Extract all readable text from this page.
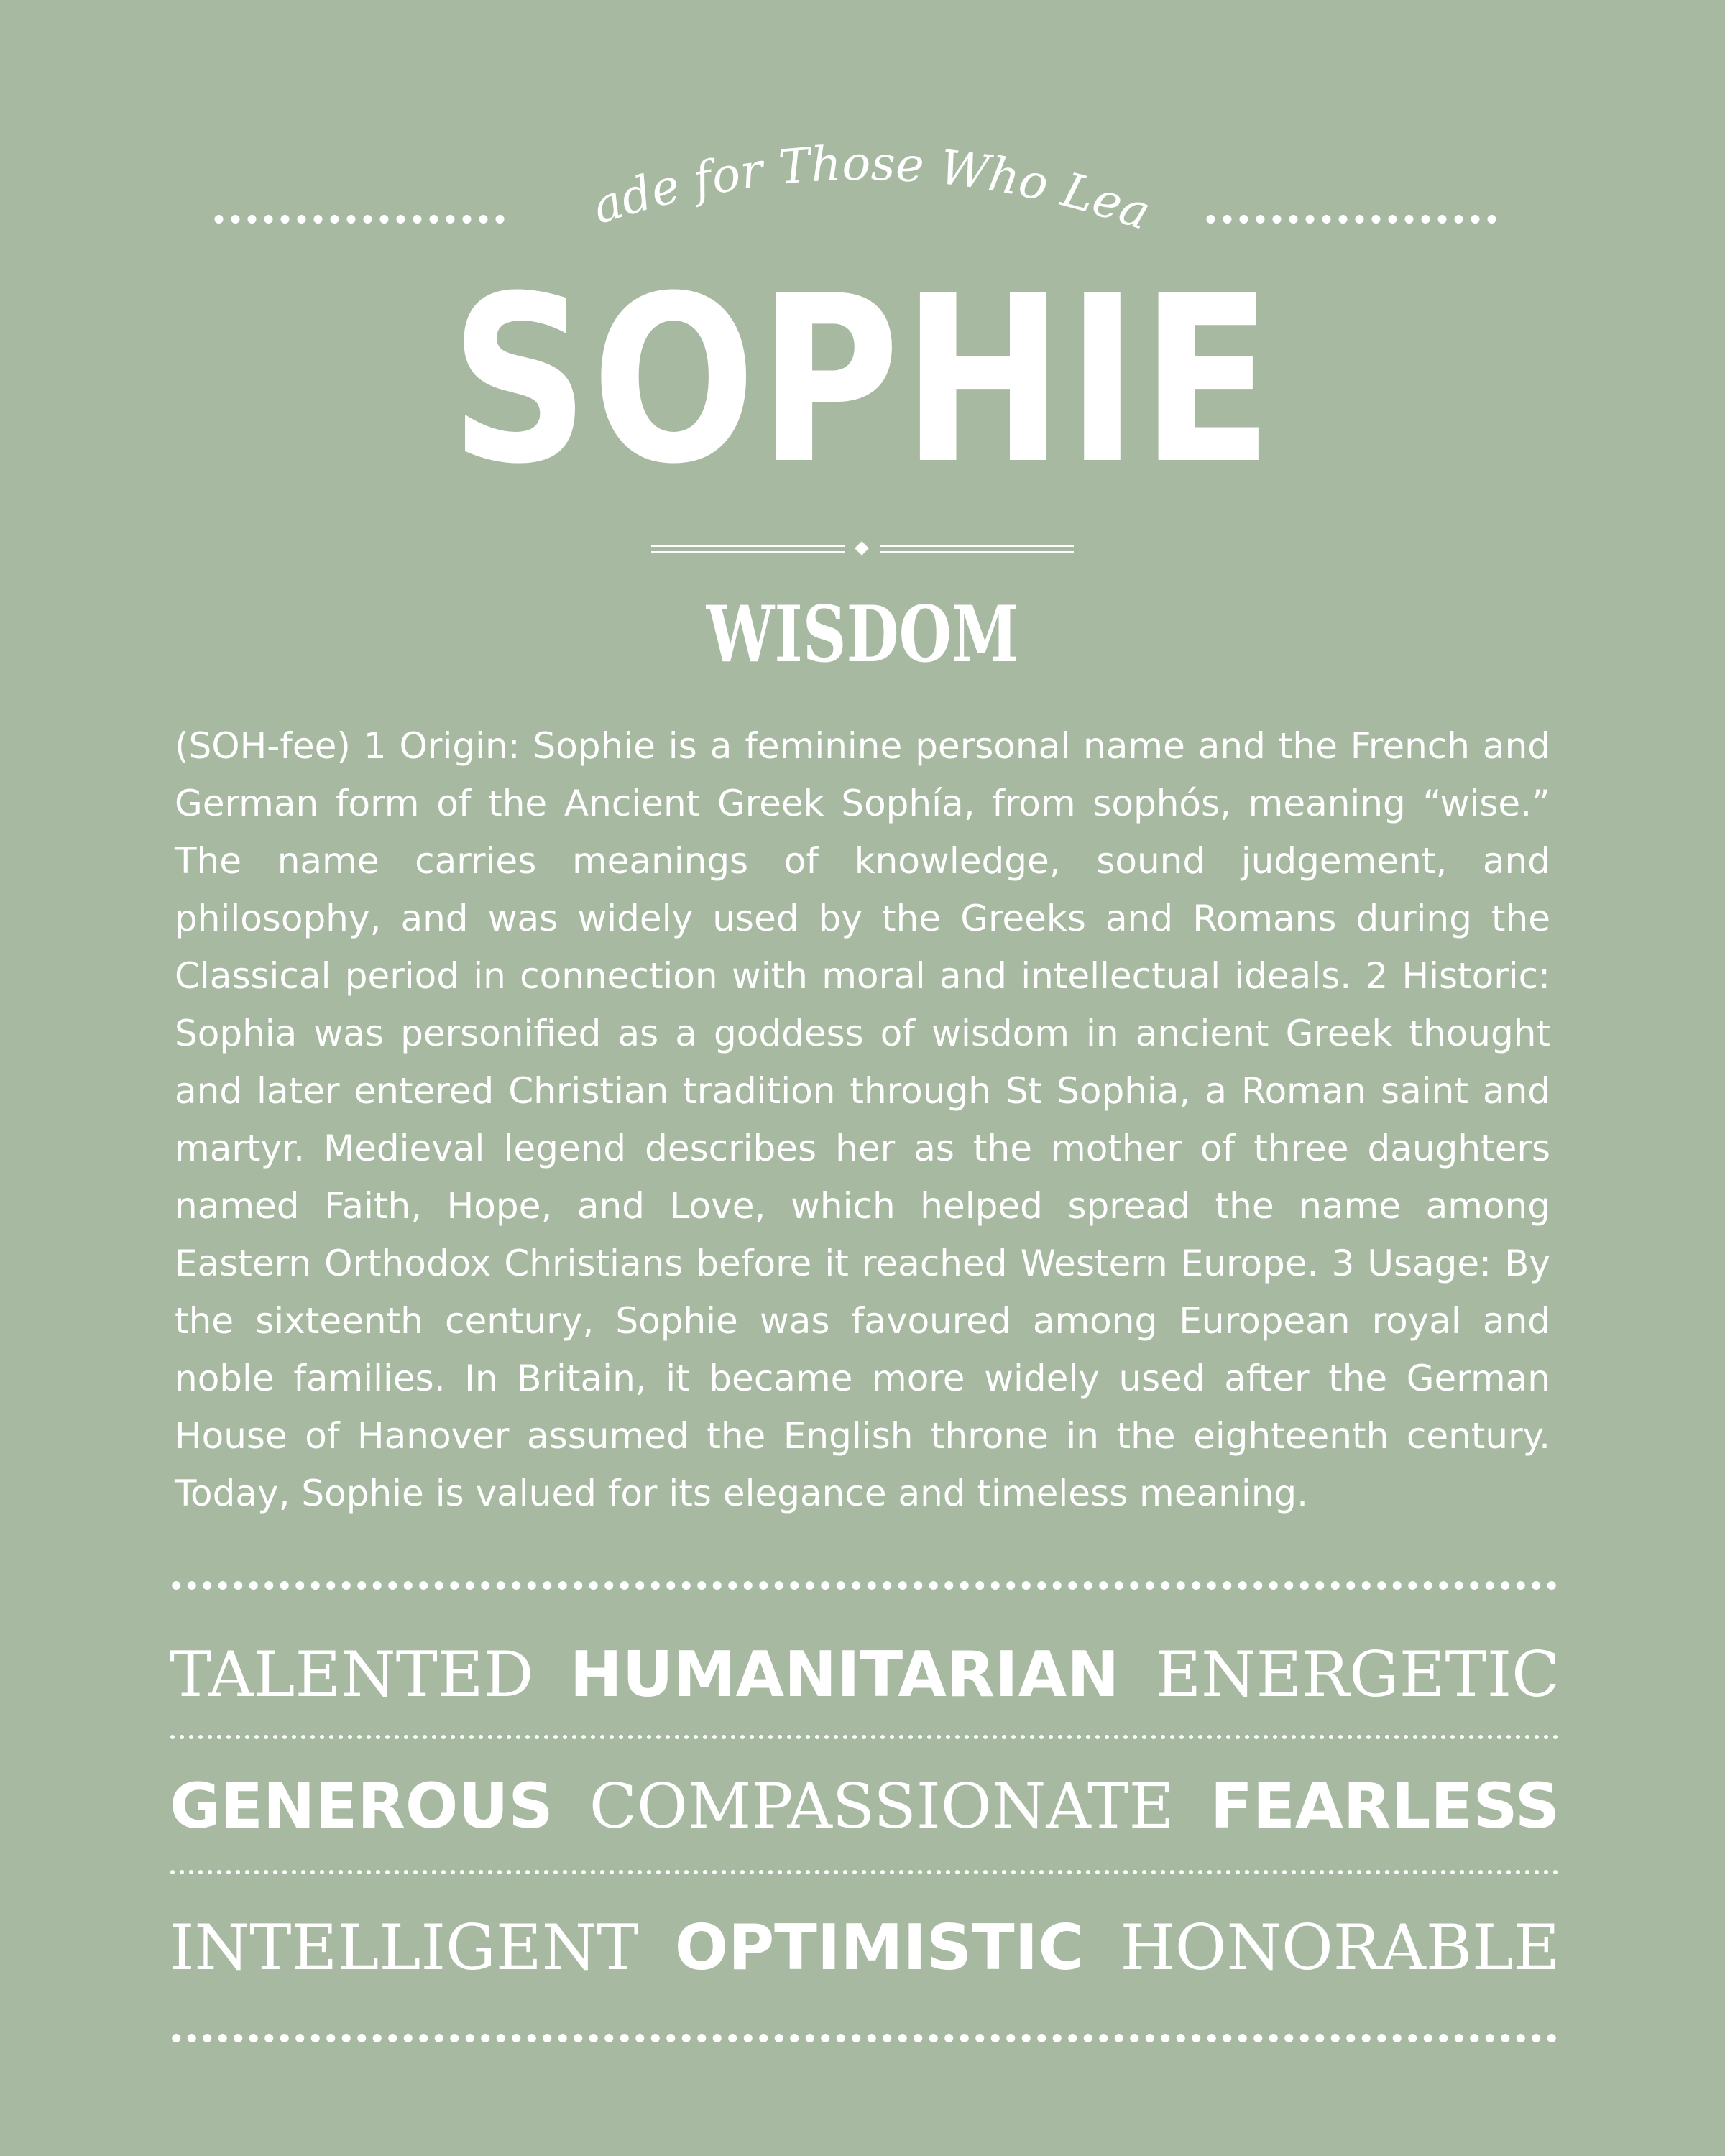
Made for Those Who Lead
SOPHIE
WISDOM

(SOH-fee) 1 Origin: Sophie is a feminine personal name and the French and German form of the Ancient Greek Sophía, from sophós, meaning “wise.” The name carries meanings of knowledge, sound judgement, and philosophy, and was widely used by the Greeks and Romans during the Classical period in connection with moral and intellectual ideals. 2 Historic: Sophia was personified as a goddess of wisdom in ancient Greek thought and later entered Christian tradition through St Sophia, a Roman saint and martyr. Medieval legend describes her as the mother of three daughters named Faith, Hope, and Love, which helped spread the name among Eastern Orthodox Christians before it reached Western Europe. 3 Usage: By the sixteenth century, Sophie was favoured among European royal and noble families. In Britain, it became more widely used after the German House of Hanover assumed the English throne in the eighteenth century. Today, Sophie is valued for its elegance and timeless meaning.

TALENTED HUMANITARIAN ENERGETIC
GENEROUS COMPASSIONATE FEARLESS
INTELLIGENT OPTIMISTIC HONORABLE
